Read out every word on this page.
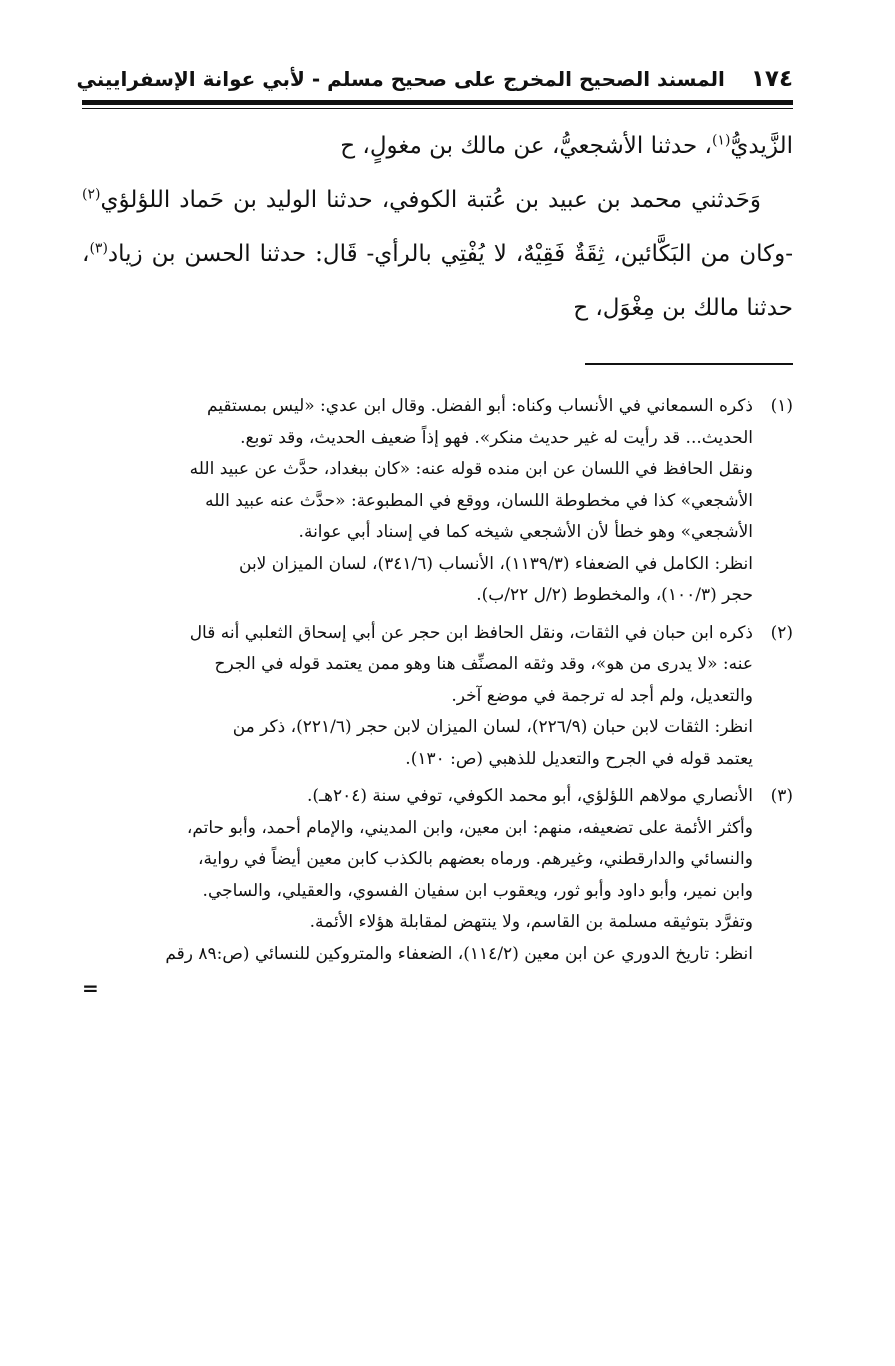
١٧٤
المسند الصحيح المخرج على صحيح مسلم - لأبي عوانة الإسفراييني

الزَّيديُّ$^{(١)}$، حدثنا الأشجعيُّ، عن مالك بن مغولٍ، ح

وَحَدثني محمد بن عبيد بن عُتبة الكوفي، حدثنا الوليد بن حَماد اللؤلؤي$^{(٢)}$ -وكان من البَكَّائين، ثِقَةٌ فَقِيْهٌ، لا يُفْتِي بالرأي- قَال: حدثنا الحسن بن زياد$^{(٣)}$، حدثنا مالك بن مِغْوَل، ح

(١)
ذكره السمعاني في الأنساب وكناه: أبو الفضل. وقال ابن عدي: «ليس بمستقيم
الحديث... قد رأيت له غير حديث منكر». فهو إذاً ضعيف الحديث، وقد توبع.
ونقل الحافظ في اللسان عن ابن منده قوله عنه: «كان ببغداد، حدَّث عن عبيد الله
الأشجعي» كذا في مخطوطة اللسان، ووقع في المطبوعة: «حدَّث عنه عبيد الله
الأشجعي» وهو خطأ لأن الأشجعي شيخه كما في إسناد أبي عوانة.
انظر: الكامل في الضعفاء (١١٣٩/٣)، الأنساب (٣٤١/٦)، لسان الميزان لابن
حجر (١٠٠/٣)، والمخطوط (٢/ل ٢٢/ب).
(٢)
ذكره ابن حبان في الثقات، ونقل الحافظ ابن حجر عن أبي إسحاق الثعلبي أنه قال
عنه: «لا يدرى من هو»، وقد وثقه المصنِّف هنا وهو ممن يعتمد قوله في الجرح
والتعديل، ولم أجد له ترجمة في موضع آخر.
انظر: الثقات لابن حبان (٢٢٦/٩)، لسان الميزان لابن حجر (٢٢١/٦)، ذكر من
يعتمد قوله في الجرح والتعديل للذهبي (ص: ١٣٠).
(٣)
الأنصاري مولاهم اللؤلؤي، أبو محمد الكوفي، توفي سنة (٢٠٤هـ).
وأكثر الأئمة على تضعيفه، منهم: ابن معين، وابن المديني، والإمام أحمد، وأبو حاتم،
والنسائي والدارقطني، وغيرهم. ورماه بعضهم بالكذب كابن معين أيضاً في رواية،
وابن نمير، وأبو داود وأبو ثور، ويعقوب ابن سفيان الفسوي، والعقيلي، والساجي.
وتفرَّد بتوثيقه مسلمة بن القاسم، ولا ينتهض لمقابلة هؤلاء الأئمة.
انظر: تاريخ الدوري عن ابن معين (١١٤/٢)، الضعفاء والمتروكين للنسائي (ص:٨٩ رقم
=
